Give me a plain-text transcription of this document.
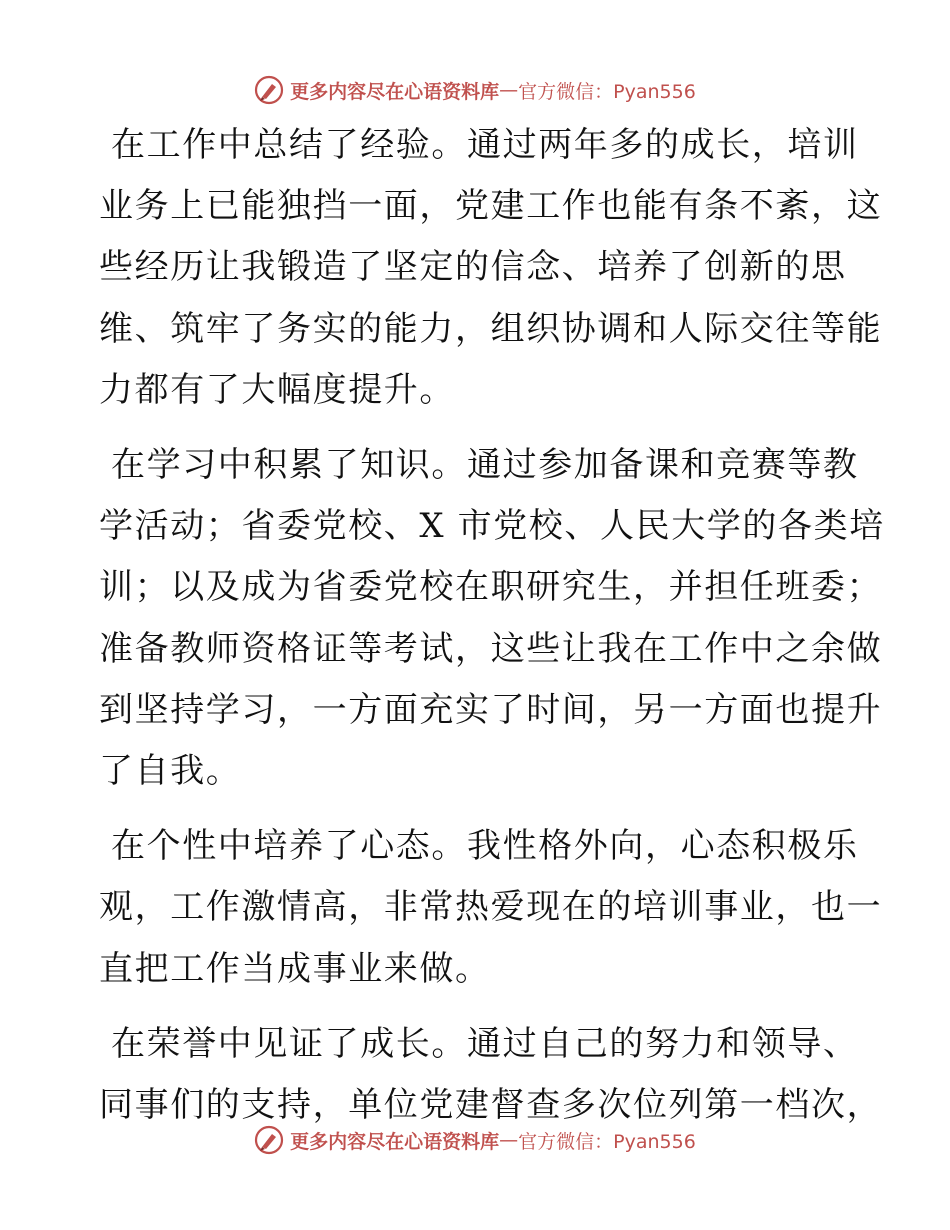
更多内容尽在心语资料库 — 官方微信：Pyan556

在工作中总结了经验。通过两年多的成长，培训
业务上已能独挡一面，党建工作也能有条不紊，这
些经历让我锻造了坚定的信念、培养了创新的思
维、筑牢了务实的能力，组织协调和人际交往等能
力都有了大幅度提升。

在学习中积累了知识。通过参加备课和竞赛等教
学活动；省委党校、X 市党校、人民大学的各类培
训；以及成为省委党校在职研究生，并担任班委；
准备教师资格证等考试，这些让我在工作中之余做
到坚持学习，一方面充实了时间，另一方面也提升
了自我。

在个性中培养了心态。我性格外向，心态积极乐
观，工作激情高，非常热爱现在的培训事业，也一
直把工作当成事业来做。

在荣誉中见证了成长。通过自己的努力和领导、
同事们的支持，单位党建督查多次位列第一档次，

更多内容尽在心语资料库 — 官方微信：Pyan556
